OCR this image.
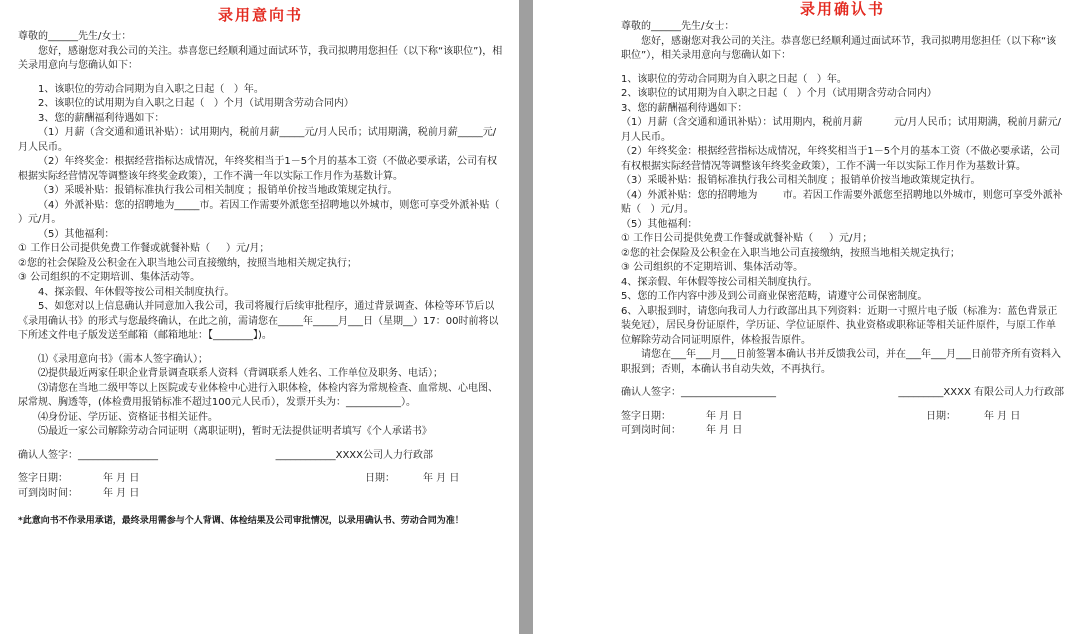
录用意向书
尊敬的______先生/女士：
您好，感谢您对我公司的关注。恭喜您已经顺利通过面试环节，我司拟聘用您担任（以下称“该职位”)，相关录用意向与您确认如下：
1、该职位的劳动合同期为自入职之日起（   ）年。
2、该职位的试用期为自入职之日起（   ）个月（试用期含劳动合同内）
3、您的薪酬福利待遇如下：
（1）月薪（含交通和通讯补贴）：试用期内，税前月薪_____元/月人民币；试用期满，税前月薪_____元/月人民币。
（2）年终奖金：根据经营指标达成情况，年终奖相当于1－5个月的基本工资（不做必要承诺，公司有权根据实际经营情况等调整该年终奖金政策），工作不满一年以实际工作月作为基数计算。
（3）采暖补贴：报销标准执行我公司相关制度 ；报销单价按当地政策规定执行。
（4）外派补贴：您的招聘地为_____市。若因工作需要外派您至招聘地以外城市，则您可享受外派补贴（   ）元/月。
（5）其他福利：
① 工作日公司提供免费工作餐或就餐补贴（     ）元/月；
②您的社会保险及公积金在入职当地公司直接缴纳，按照当地相关规定执行；
③ 公司组织的不定期培训、集体活动等。
4、探亲假、年休假等按公司相关制度执行。
5、如您对以上信息确认并同意加入我公司，我司将履行后续审批程序，通过背景调查、体检等环节后以《录用确认书》的形式与您最终确认，在此之前，需请您在_____年_____月___日（星期__）17：00时前将以下所述文件电子版发送至邮箱（邮箱地址：【________】)。
⑴《录用意向书》（需本人签字确认）；
⑵提供最近两家任职企业背景调查联系人资料（背调联系人姓名、工作单位及职务、电话）；
⑶请您在当地二级甲等以上医院或专业体检中心进行入职体检，体检内容为常规检查、血常规、心电图、尿常规、胸透等，(体检费用报销标准不超过100元人民币），发票开头为：___________）。
⑷身份证、学历证、资格证书相关证件。
⑸最近一家公司解除劳动合同证明（离职证明)，暂时无法提供证明者填写《个人承诺书》
确认人签字：________________	____________XXXX公司人力行政部
签字日期：	年 月 日	日期：	年 月 日
可到岗时间：	年 月 日
*此意向书不作录用承诺，最终录用需参与个人背调、体检结果及公司审批情况，以录用确认书、劳动合同为准！
录用确认书
尊敬的______先生/女士：
您好，感谢您对我公司的关注。恭喜您已经顺利通过面试环节，我司拟聘用您担任（以下称“该职位”），相关录用意向与您确认如下：
1、该职位的劳动合同期为自入职之日起（   ）年。
2、该职位的试用期为自入职之日起（   ）个月（试用期含劳动合同内）
3、您的薪酬福利待遇如下：
（1）月薪（含交通和通讯补贴）：试用期内，税前月薪          元/月人民币；试用期满，税前月薪元/月人民币。
（2）年终奖金：根据经营指标达成情况，年终奖相当于1－5个月的基本工资（不做必要承诺，公司有权根据实际经营情况等调整该年终奖金政策），工作不满一年以实际工作月作为基数计算。
（3）采暖补贴：报销标准执行我公司相关制度 ；报销单价按当地政策规定执行。
（4）外派补贴：您的招聘地为        市。若因工作需要外派您至招聘地以外城市，则您可享受外派补贴（   ）元/月。
（5）其他福利：
① 工作日公司提供免费工作餐或就餐补贴（     ）元/月；
②您的社会保险及公积金在入职当地公司直接缴纳，按照当地相关规定执行；
③ 公司组织的不定期培训、集体活动等。
4、探亲假、年休假等按公司相关制度执行。
5、您的工作内容中涉及到公司商业保密范畴，请遵守公司保密制度。
6、入职报到时，请您向我司人力行政部出具下列资料：近期一寸照片电子版（标准为：蓝色背景正装免冠），居民身份证原件，学历证、学位证原件、执业资格或职称证等相关证件原件，与原工作单位解除劳动合同证明原件，体检报告原件。
请您在___年___月___日前签署本确认书并反馈我公司，并在___年___月___日前带齐所有资料入职报到；否则，本确认书自动失效，不再执行。
确认人签字：___________________	_________XXXX 有限公司人力行政部
签字日期：	年 月 日	日期：	年 月 日
可到岗时间：	年 月 日
